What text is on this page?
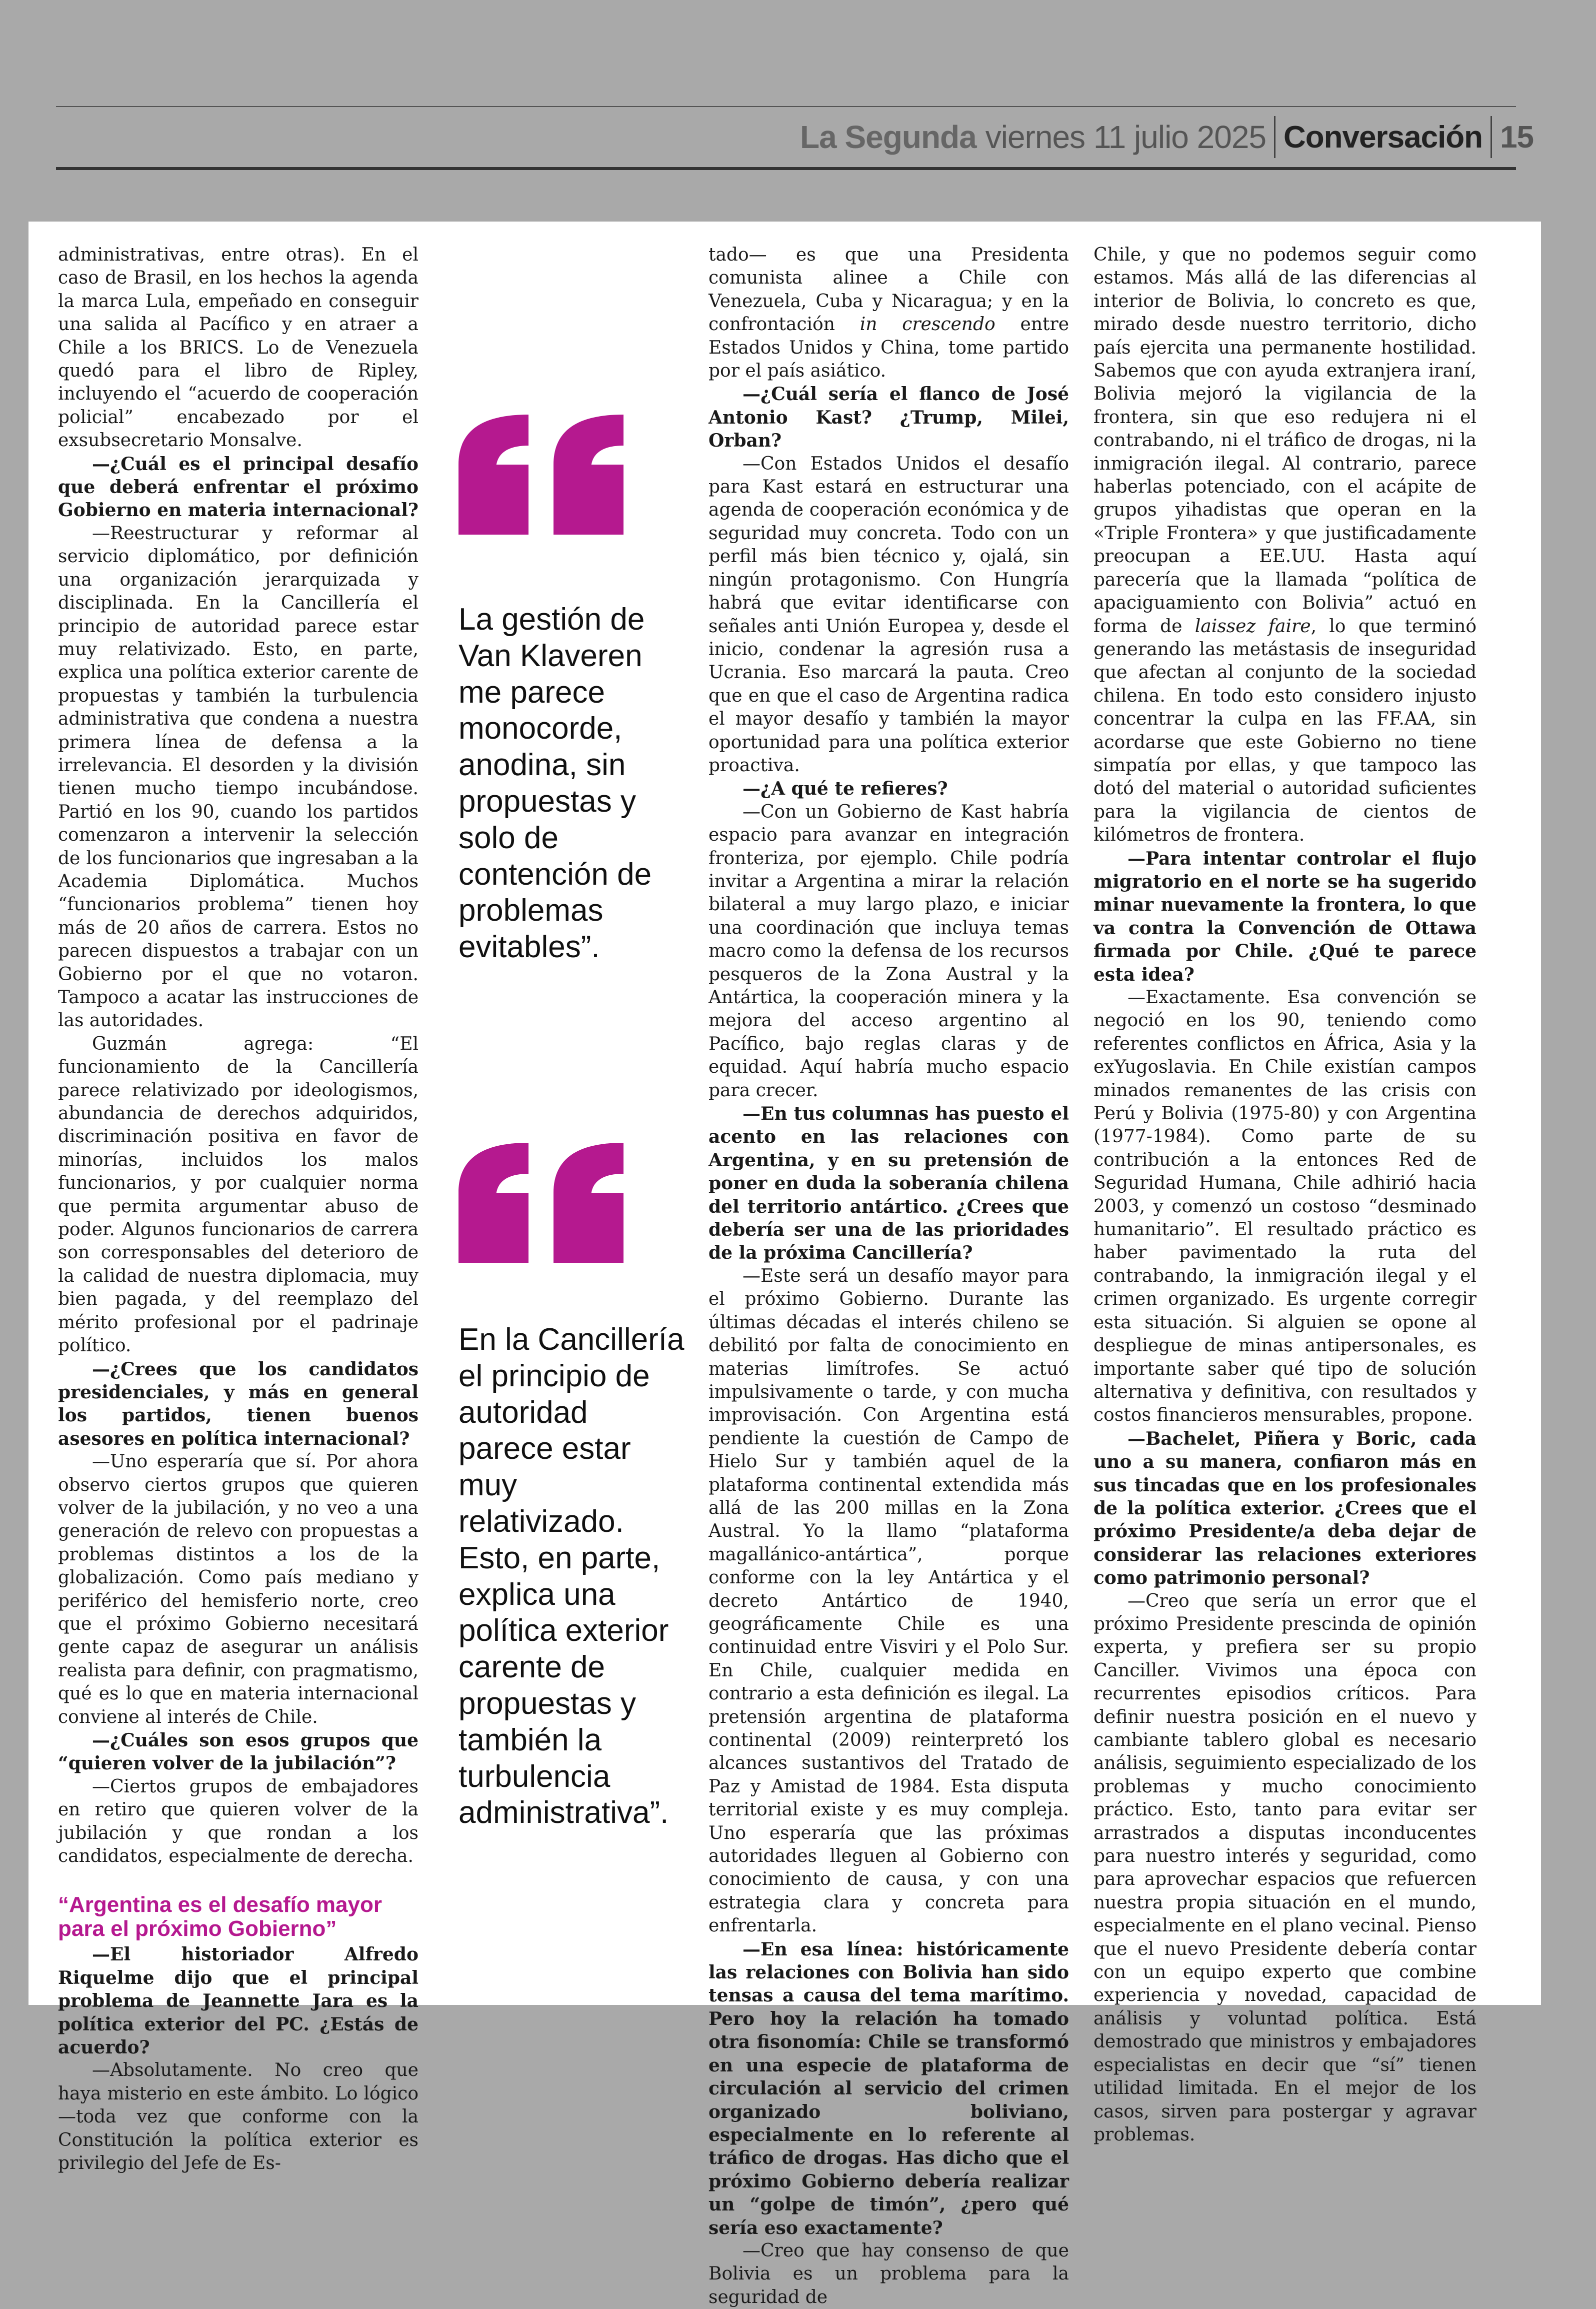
La Segunda viernes 11 julio 2025 Conversación 15

administrativas, entre otras). En el caso de Brasil, en los hechos la agenda la marca Lula, empeñado en conseguir una salida al Pacífico y en atraer a Chile a los BRICS. Lo de Venezuela quedó para el libro de Ripley, incluyendo el “acuerdo de cooperación policial” encabezado por el exsubsecretario Monsalve.

—¿Cuál es el principal desafío que deberá enfrentar el próximo Gobierno en materia internacional?

—Reestructurar y reformar al servicio diplomático, por definición una organización jerarquizada y disciplinada. En la Cancillería el principio de autoridad parece estar muy relativizado. Esto, en parte, explica una política exterior carente de propuestas y también la turbulencia administrativa que condena a nuestra primera línea de defensa a la irrelevancia. El desorden y la división tienen mucho tiempo incubándose. Partió en los 90, cuando los partidos comenzaron a intervenir la selección de los funcionarios que ingresaban a la Academia Diplomática. Muchos “funcionarios problema” tienen hoy más de 20 años de carrera. Estos no parecen dispuestos a trabajar con un Gobierno por el que no votaron. Tampoco a acatar las instrucciones de las autoridades.

Guzmán agrega: “El funcionamiento de la Cancillería parece relativizado por ideologismos, abundancia de derechos adquiridos, discriminación positiva en favor de minorías, incluidos los malos funcionarios, y por cualquier norma que permita argumentar abuso de poder. Algunos funcionarios de carrera son corresponsables del deterioro de la calidad de nuestra diplomacia, muy bien pagada, y del reemplazo del mérito profesional por el padrinaje político.

—¿Crees que los candidatos presidenciales, y más en general los partidos, tienen buenos asesores en política internacional?

—Uno esperaría que sí. Por ahora observo ciertos grupos que quieren volver de la jubilación, y no veo a una generación de relevo con propuestas a problemas distintos a los de la globalización. Como país mediano y periférico del hemisferio norte, creo que el próximo Gobierno necesitará gente capaz de asegurar un análisis realista para definir, con pragmatismo, qué es lo que en materia internacional conviene al interés de Chile.

—¿Cuáles son esos grupos que “quieren volver de la jubilación”?

—Ciertos grupos de embajadores en retiro que quieren volver de la jubilación y que rondan a los candidatos, especialmente de derecha.

“Argentina es el desafío mayor para el próximo Gobierno”

—El historiador Alfredo Riquelme dijo que el principal problema de Jeannette Jara es la política exterior del PC. ¿Estás de acuerdo?

—Absolutamente. No creo que haya misterio en este ámbito. Lo lógico —toda vez que conforme con la Constitución la política exterior es privilegio del Jefe de Es-

La gestión de Van Klaveren me parece monocorde, anodina, sin propuestas y solo de contención de problemas evitables”.
En la Cancillería el principio de autoridad parece estar muy relativizado. Esto, en parte, explica una política exterior carente de propuestas y también la turbulencia administrativa”.

tado— es que una Presidenta comunista alinee a Chile con Venezuela, Cuba y Nicaragua; y en la confrontación in crescendo entre Estados Unidos y China, tome partido por el país asiático.

—¿Cuál sería el flanco de José Antonio Kast? ¿Trump, Milei, Orban?

—Con Estados Unidos el desafío para Kast estará en estructurar una agenda de cooperación económica y de seguridad muy concreta. Todo con un perfil más bien técnico y, ojalá, sin ningún protagonismo. Con Hungría habrá que evitar identificarse con señales anti Unión Europea y, desde el inicio, condenar la agresión rusa a Ucrania. Eso marcará la pauta. Creo que en que el caso de Argentina radica el mayor desafío y también la mayor oportunidad para una política exterior proactiva.

—¿A qué te refieres?

—Con un Gobierno de Kast habría espacio para avanzar en integración fronteriza, por ejemplo. Chile podría invitar a Argentina a mirar la relación bilateral a muy largo plazo, e iniciar una coordinación que incluya temas macro como la defensa de los recursos pesqueros de la Zona Austral y la Antártica, la cooperación minera y la mejora del acceso argentino al Pacífico, bajo reglas claras y de equidad. Aquí habría mucho espacio para crecer.

—En tus columnas has puesto el acento en las relaciones con Argentina, y en su pretensión de poner en duda la soberanía chilena del territorio antártico. ¿Crees que debería ser una de las prioridades de la próxima Cancillería?

—Este será un desafío mayor para el próximo Gobierno. Durante las últimas décadas el interés chileno se debilitó por falta de conocimiento en materias limítrofes. Se actuó impulsivamente o tarde, y con mucha improvisación. Con Argentina está pendiente la cuestión de Campo de Hielo Sur y también aquel de la plataforma continental extendida más allá de las 200 millas en la Zona Austral. Yo la llamo “plataforma magallánico-antártica”, porque conforme con la ley Antártica y el decreto Antártico de 1940, geográficamente Chile es una continuidad entre Visviri y el Polo Sur. En Chile, cualquier medida en contrario a esta definición es ilegal. La pretensión argentina de plataforma continental (2009) reinterpretó los alcances sustantivos del Tratado de Paz y Amistad de 1984. Esta disputa territorial existe y es muy compleja. Uno esperaría que las próximas autoridades lleguen al Gobierno con conocimiento de causa, y con una estrategia clara y concreta para enfrentarla.

—En esa línea: históricamente las relaciones con Bolivia han sido tensas a causa del tema marítimo. Pero hoy la relación ha tomado otra fisonomía: Chile se transformó en una especie de plataforma de circulación al servicio del crimen organizado boliviano, especialmente en lo referente al tráfico de drogas. Has dicho que el próximo Gobierno debería realizar un “golpe de timón”, ¿pero qué sería eso exactamente?

—Creo que hay consenso de que Bolivia es un problema para la seguridad de

Chile, y que no podemos seguir como estamos. Más allá de las diferencias al interior de Bolivia, lo concreto es que, mirado desde nuestro territorio, dicho país ejercita una permanente hostilidad. Sabemos que con ayuda extranjera iraní, Bolivia mejoró la vigilancia de la frontera, sin que eso redujera ni el contrabando, ni el tráfico de drogas, ni la inmigración ilegal. Al contrario, parece haberlas potenciado, con el acápite de grupos yihadistas que operan en la «Triple Frontera» y que justificadamente preocupan a EE.UU. Hasta aquí parecería que la llamada “política de apaciguamiento con Bolivia” actuó en forma de laissez faire, lo que terminó generando las metástasis de inseguridad que afectan al conjunto de la sociedad chilena. En todo esto considero injusto concentrar la culpa en las FF.AA, sin acordarse que este Gobierno no tiene simpatía por ellas, y que tampoco las dotó del material o autoridad suficientes para la vigilancia de cientos de kilómetros de frontera.

—Para intentar controlar el flujo migratorio en el norte se ha sugerido minar nuevamente la frontera, lo que va contra la Convención de Ottawa firmada por Chile. ¿Qué te parece esta idea?

—Exactamente. Esa convención se negoció en los 90, teniendo como referentes conflictos en África, Asia y la exYugoslavia. En Chile existían campos minados remanentes de las crisis con Perú y Bolivia (1975-80) y con Argentina (1977-1984). Como parte de su contribución a la entonces Red de Seguridad Humana, Chile adhirió hacia 2003, y comenzó un costoso “desminado humanitario”. El resultado práctico es haber pavimentado la ruta del contrabando, la inmigración ilegal y el crimen organizado. Es urgente corregir esta situación. Si alguien se opone al despliegue de minas antipersonales, es importante saber qué tipo de solución alternativa y definitiva, con resultados y costos financieros mensurables, propone.

—Bachelet, Piñera y Boric, cada uno a su manera, confiaron más en sus tincadas que en los profesionales de la política exterior. ¿Crees que el próximo Presidente/a deba dejar de considerar las relaciones exteriores como patrimonio personal?

—Creo que sería un error que el próximo Presidente prescinda de opinión experta, y prefiera ser su propio Canciller. Vivimos una época con recurrentes episodios críticos. Para definir nuestra posición en el nuevo y cambiante tablero global es necesario análisis, seguimiento especializado de los problemas y mucho conocimiento práctico. Esto, tanto para evitar ser arrastrados a disputas inconducentes para nuestro interés y seguridad, como para aprovechar espacios que refuercen nuestra propia situación en el mundo, especialmente en el plano vecinal. Pienso que el nuevo Presidente debería contar con un equipo experto que combine experiencia y novedad, capacidad de análisis y voluntad política. Está demostrado que ministros y embajadores especialistas en decir que “sí” tienen utilidad limitada. En el mejor de los casos, sirven para postergar y agravar problemas.
